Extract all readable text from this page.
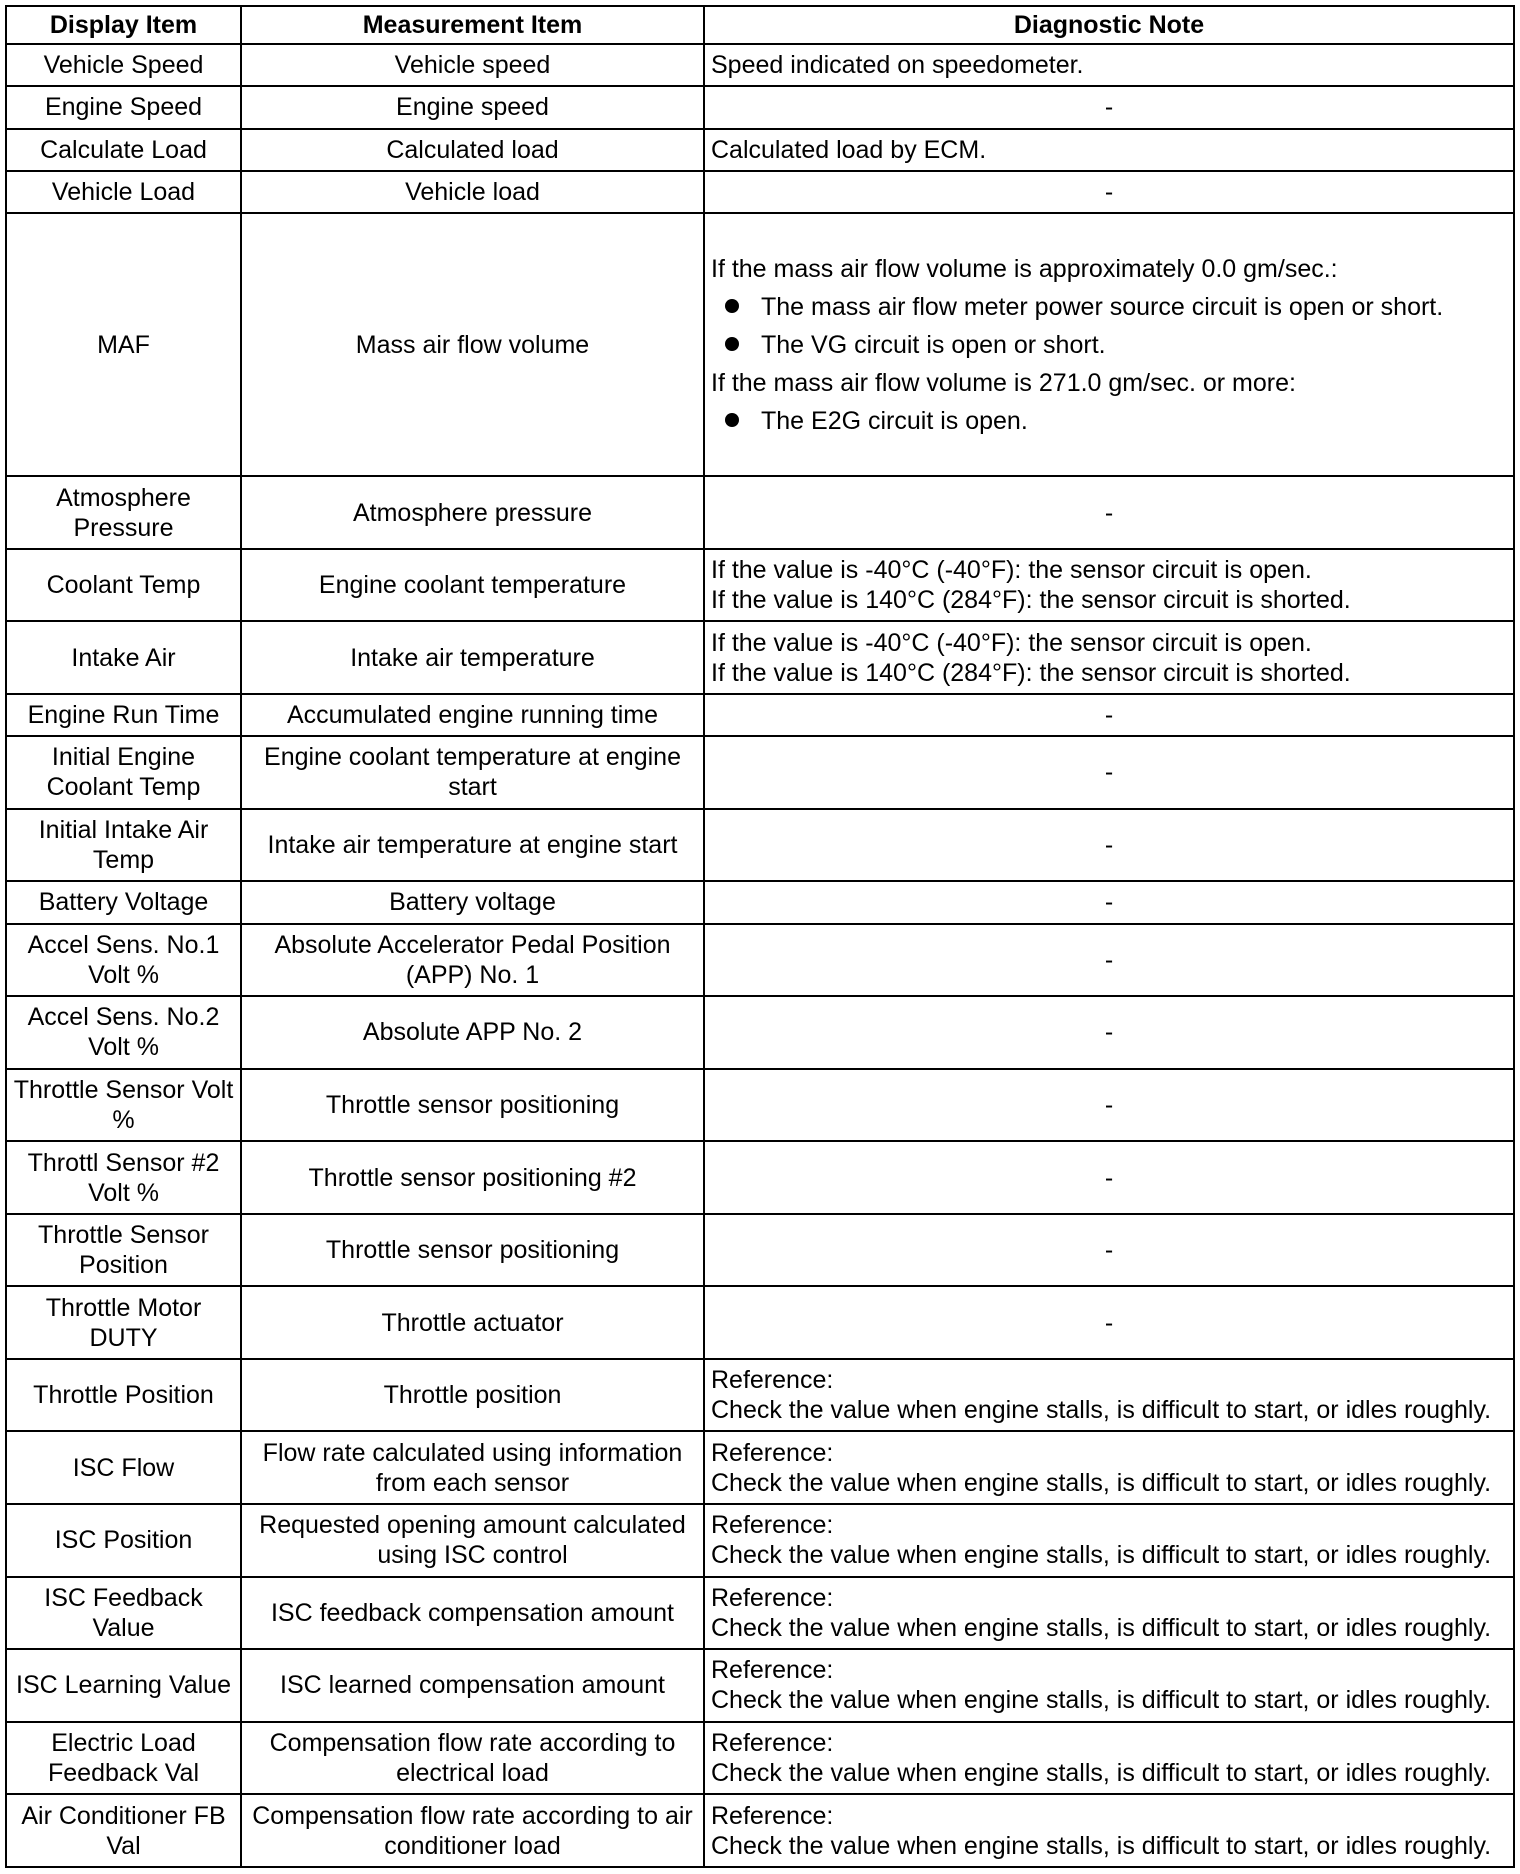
Display Item	Measurement Item	Diagnostic Note
Vehicle Speed	Vehicle speed	Speed indicated on speedometer.

Engine Speed	Engine speed	-

Calculate Load	Calculated load	Calculated load by ECM.

Vehicle Load	Vehicle load	-

MAF	Mass air flow volume	If the mass air flow volume is approximately 0.0 gm/sec.:
The mass air flow meter power source circuit is open or short.
The VG circuit is open or short.
If the mass air flow volume is 271.0 gm/sec. or more:
The E2G circuit is open.

Atmosphere Pressure	Atmosphere pressure	-

Coolant Temp	Engine coolant temperature	If the value is -40°C (-40°F): the sensor circuit is open.
If the value is 140°C (284°F): the sensor circuit is shorted.

Intake Air	Intake air temperature	If the value is -40°C (-40°F): the sensor circuit is open.
If the value is 140°C (284°F): the sensor circuit is shorted.

Engine Run Time	Accumulated engine running time	-

Initial Engine Coolant Temp	Engine coolant temperature at engine start	-

Initial Intake Air Temp	Intake air temperature at engine start	-

Battery Voltage	Battery voltage	-

Accel Sens. No.1 Volt %	Absolute Accelerator Pedal Position (APP) No. 1	-

Accel Sens. No.2 Volt %	Absolute APP No. 2	-

Throttle Sensor Volt %	Throttle sensor positioning	-

Throttl Sensor #2 Volt %	Throttle sensor positioning #2	-

Throttle Sensor Position	Throttle sensor positioning	-

Throttle Motor DUTY	Throttle actuator	-

Throttle Position	Throttle position	Reference:
Check the value when engine stalls, is difficult to start, or idles roughly.

ISC Flow	Flow rate calculated using information from each sensor	Reference:
Check the value when engine stalls, is difficult to start, or idles roughly.

ISC Position	Requested opening amount calculated using ISC control	Reference:
Check the value when engine stalls, is difficult to start, or idles roughly.

ISC Feedback Value	ISC feedback compensation amount	Reference:
Check the value when engine stalls, is difficult to start, or idles roughly.

ISC Learning Value	ISC learned compensation amount	Reference:
Check the value when engine stalls, is difficult to start, or idles roughly.

Electric Load Feedback Val	Compensation flow rate according to electrical load	Reference:
Check the value when engine stalls, is difficult to start, or idles roughly.

Air Conditioner FB Val	Compensation flow rate according to air conditioner load	Reference:
Check the value when engine stalls, is difficult to start, or idles roughly.
